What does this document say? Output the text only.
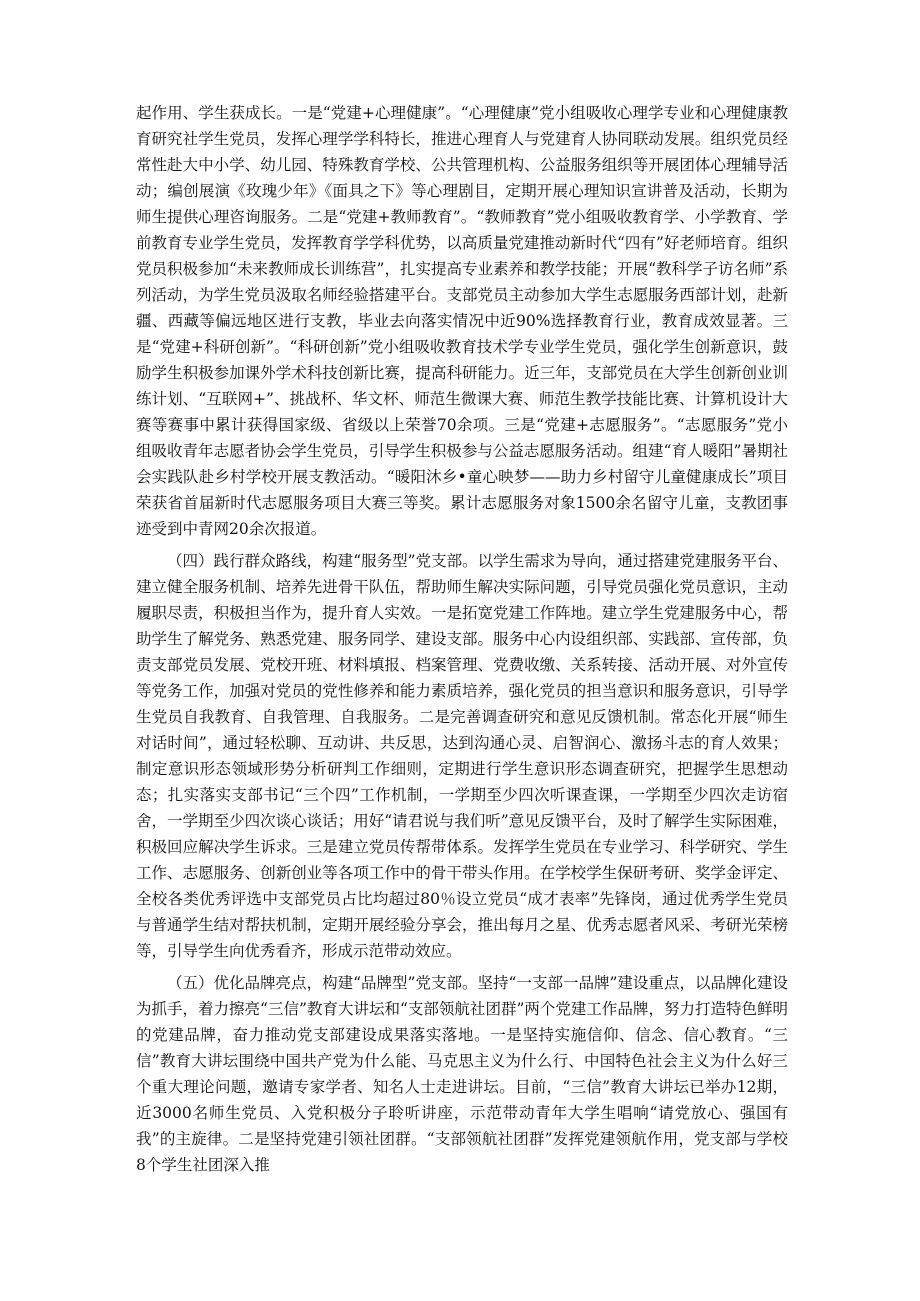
起作用、学生获成长。一是“党建+心理健康”。“心理健康”党小组吸收心理学专业和心理健康教育研究社学生党员，发挥心理学学科特长，推进心理育人与党建育人协同联动发展。组织党员经常性赴大中小学、幼儿园、特殊教育学校、公共管理机构、公益服务组织等开展团体心理辅导活动；编创展演《玫瑰少年》《面具之下》等心理剧目，定期开展心理知识宣讲普及活动，长期为师生提供心理咨询服务。二是“党建+教师教育”。“教师教育”党小组吸收教育学、小学教育、学前教育专业学生党员，发挥教育学学科优势，以高质量党建推动新时代“四有”好老师培育。组织党员积极参加“未来教师成长训练营”，扎实提高专业素养和教学技能；开展“教科学子访名师”系列活动，为学生党员汲取名师经验搭建平台。支部党员主动参加大学生志愿服务西部计划，赴新疆、西藏等偏远地区进行支教，毕业去向落实情况中近90%选择教育行业，教育成效显著。三是“党建+科研创新”。“科研创新”党小组吸收教育技术学专业学生党员，强化学生创新意识，鼓励学生积极参加课外学术科技创新比赛，提高科研能力。近三年，支部党员在大学生创新创业训练计划、“互联网+”、挑战杯、华文杯、师范生微课大赛、师范生教学技能比赛、计算机设计大赛等赛事中累计获得国家级、省级以上荣誉70余项。三是“党建+志愿服务”。“志愿服务”党小组吸收青年志愿者协会学生党员，引导学生积极参与公益志愿服务活动。组建“育人暖阳”暑期社会实践队赴乡村学校开展支教活动。“暖阳沐乡•童心映梦——助力乡村留守儿童健康成长”项目荣获省首届新时代志愿服务项目大赛三等奖。累计志愿服务对象1500余名留守儿童，支教团事迹受到中青网20余次报道。

（四）践行群众路线，构建“服务型”党支部。以学生需求为导向，通过搭建党建服务平台、建立健全服务机制、培养先进骨干队伍，帮助师生解决实际问题，引导党员强化党员意识，主动履职尽责，积极担当作为，提升育人实效。一是拓宽党建工作阵地。建立学生党建服务中心，帮助学生了解党务、熟悉党建、服务同学、建设支部。服务中心内设组织部、实践部、宣传部，负责支部党员发展、党校开班、材料填报、档案管理、党费收缴、关系转接、活动开展、对外宣传等党务工作，加强对党员的党性修养和能力素质培养，强化党员的担当意识和服务意识，引导学生党员自我教育、自我管理、自我服务。二是完善调查研究和意见反馈机制。常态化开展“师生对话时间”，通过轻松聊、互动讲、共反思，达到沟通心灵、启智润心、激扬斗志的育人效果；制定意识形态领域形势分析研判工作细则，定期进行学生意识形态调查研究，把握学生思想动态；扎实落实支部书记“三个四”工作机制，一学期至少四次听课查课，一学期至少四次走访宿舍，一学期至少四次谈心谈话；用好“请君说与我们听”意见反馈平台，及时了解学生实际困难，积极回应解决学生诉求。三是建立党员传帮带体系。发挥学生党员在专业学习、科学研究、学生工作、志愿服务、创新创业等各项工作中的骨干带头作用。在学校学生保研考研、奖学金评定、全校各类优秀评选中支部党员占比均超过80％设立党员“成才表率”先锋岗，通过优秀学生党员与普通学生结对帮扶机制，定期开展经验分享会，推出每月之星、优秀志愿者风采、考研光荣榜等，引导学生向优秀看齐，形成示范带动效应。

（五）优化品牌亮点，构建“品牌型”党支部。坚持“一支部一品牌”建设重点，以品牌化建设为抓手，着力擦亮“三信”教育大讲坛和“支部领航社团群”两个党建工作品牌，努力打造特色鲜明的党建品牌，奋力推动党支部建设成果落实落地。一是坚持实施信仰、信念、信心教育。“三信”教育大讲坛围绕中国共产党为什么能、马克思主义为什么行、中国特色社会主义为什么好三个重大理论问题，邀请专家学者、知名人士走进讲坛。目前，“三信”教育大讲坛已举办12期，近3000名师生党员、入党积极分子聆听讲座，示范带动青年大学生唱响“请党放心、强国有我”的主旋律。二是坚持党建引领社团群。“支部领航社团群”发挥党建领航作用，党支部与学校8个学生社团深入推
